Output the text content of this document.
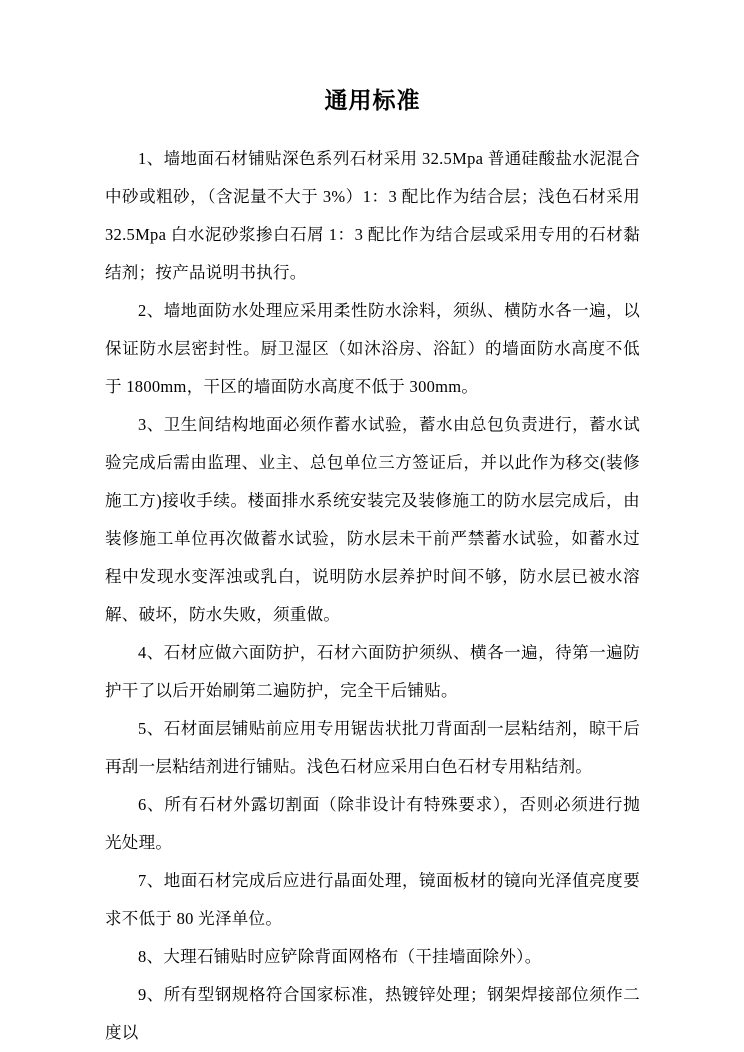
通用标准

1、墙地面石材铺贴深色系列石材采用 32.5Mpa 普通硅酸盐水泥混合中砂或粗砂，（含泥量不大于 3%）1：3 配比作为结合层；浅色石材采用 32.5Mpa 白水泥砂浆掺白石屑 1：3 配比作为结合层或采用专用的石材黏结剂；按产品说明书执行。

2、墙地面防水处理应采用柔性防水涂料，须纵、横防水各一遍，以保证防水层密封性。厨卫湿区（如沐浴房、浴缸）的墙面防水高度不低于 1800mm，干区的墙面防水高度不低于 300mm。

3、卫生间结构地面必须作蓄水试验，蓄水由总包负责进行，蓄水试验完成后需由监理、业主、总包单位三方签证后，并以此作为移交(装修施工方)接收手续。楼面排水系统安装完及装修施工的防水层完成后，由装修施工单位再次做蓄水试验，防水层未干前严禁蓄水试验，如蓄水过程中发现水变浑浊或乳白，说明防水层养护时间不够，防水层已被水溶解、破坏，防水失败，须重做。

4、石材应做六面防护，石材六面防护须纵、横各一遍，待第一遍防护干了以后开始刷第二遍防护，完全干后铺贴。

5、石材面层铺贴前应用专用锯齿状批刀背面刮一层粘结剂，晾干后再刮一层粘结剂进行铺贴。浅色石材应采用白色石材专用粘结剂。

6、所有石材外露切割面（除非设计有特殊要求），否则必须进行抛光处理。

7、地面石材完成后应进行晶面处理，镜面板材的镜向光泽值亮度要求不低于 80 光泽单位。

8、大理石铺贴时应铲除背面网格布（干挂墙面除外）。

9、所有型钢规格符合国家标准，热镀锌处理；钢架焊接部位须作二度以
